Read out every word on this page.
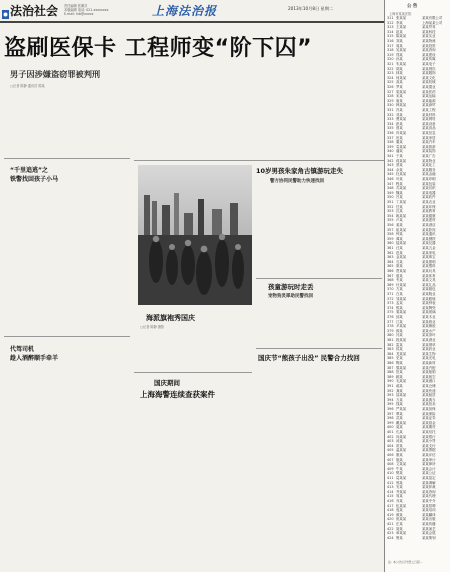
法治社会 责任编辑 张佩芬
本版编辑 电话: 021-xxxxxxxx
E-mail: fzb@xxxxx	上海法治报	2013年10月8日 星期二
盗刷医保卡 工程师变“阶下囚”
男子因涉嫌盗窃罪被判刑
□记者 陈静 通讯员 陈某
“千里追逃”之
铁警找回孩子小马
代驾司机
趁人酒醉顺手牵羊
海派旗袍秀国庆
□记者 陈静 摄影
国庆期间
上海海警连续查获案件
10岁男孩朱家角古镇游玩走失
警方协同民警助力快速找回
孩童游玩时走丢
宠物狗灵犀助民警找回
国庆节“熊孩子出没” 民警合力找回
公 告
上海市某某法院
311 张某某	某某有限公司
312 李某	上海某某公司
313 王某某	某某贸易
314 赵某	某某科技
315 陈某某	某某实业
316 刘某	某某物流
317 周某	某某投资
318 吴某某	某某咨询
319 郑某	某某建设
320 孙某	某某传媒
321 朱某某	某某电子
322 胡某	某某餐饮
323 林某	某某服饰
324 何某某	某某文化
325 高某	某某机械
326 罗某	某某置业
327 梁某某	某某医药
328 宋某	某某运输
329 唐某	某某能源
330 韩某某	某某商贸
331 冯某	某某工程
332 邓某	某某材料
333 曹某某	某某网络
334 彭某	某某设备
335 曾某	某某食品
336 肖某某	某某信息
337 田某	某某家居
338 董某	某某汽车
339 袁某某	某某旅游
340 潘某	某某装饰
341 于某	某某广告
342 蒋某某	某某物业
343 蔡某	某某化工
344 余某	某某服务
345 杜某某	某某金融
346 叶某	某某印刷
347 程某	某某包装
348 苏某某	某某纺织
349 魏某	某某电器
350 吕某	某某软件
351 丁某某	某某农业
352 任某	某某环保
353 沈某	某某教育
354 姚某某	某某健康
355 卢某	某某建材
356 姜某	某某酒店
357 崔某某	某某影视
358 钟某	某某通讯
359 谭某	某某钢铁
360 陆某某	某某仪器
361 汪某	某某五金
362 范某	某某家电
363 金某某	某某珠宝
364 石某	某某照明
365 廖某	某某塑料
366 贾某某	某某玩具
367 夏某	某某体育
368 韦某	某某文具
369 付某某	某某礼品
370 方某	某某箱包
371 白某	某某鞋业
372 邹某某	某某眼镜
373 孟某	某某钟表
374 熊某	某某陶瓷
375 秦某某	某某玻璃
376 邱某	某某木业
377 江某	某某纸业
378 尹某某	某某橡胶
379 薛某	某某水产
380 闫某	某某茶叶
381 段某某	某某酒业
382 雷某	某某烟草
383 侯某	某某药业
384 龙某某	某某生物
385 史某	某某光电
386 陶某	某某新材
387 黎某某	某某汽配
388 贺某	某某船舶
389 顾某	某某航空
390 毛某某	某某港口
391 郝某	某某仓储
392 龚某	某某快递
393 邵某某	某某租赁
394 万某	某某典当
395 钱某	某某拍卖
396 严某某	某某担保
397 覃某	某某保险
398 武某	某某证券
399 戴某某	某某基金
400 莫某	某某期货
401 孔某	某某信托
402 向某某	某某银行
403 汤某	某某小贷
404 常某	某某支付
405 温某某	某某票据
406 康某	某某评估
407 施某	某某审计
408 文某某	某某律所
409 牛某	某某会计
410 樊某	某某公证
411 葛某某	某某鉴定
412 邢某	某某调解
413 安某	某某仲裁
414 齐某某	某某咨询
415 易某	某某代理
416 乔某	某某中介
417 伍某某	某某招聘
418 庞某	某某培训
419 颜某	某某翻译
420 倪某某	某某出版
421 庄某	某某传播
422 聂某	某某演艺
423 章某某	某某会展
424 鲁某	某某策划
注: 本公告以刊登之日起...
